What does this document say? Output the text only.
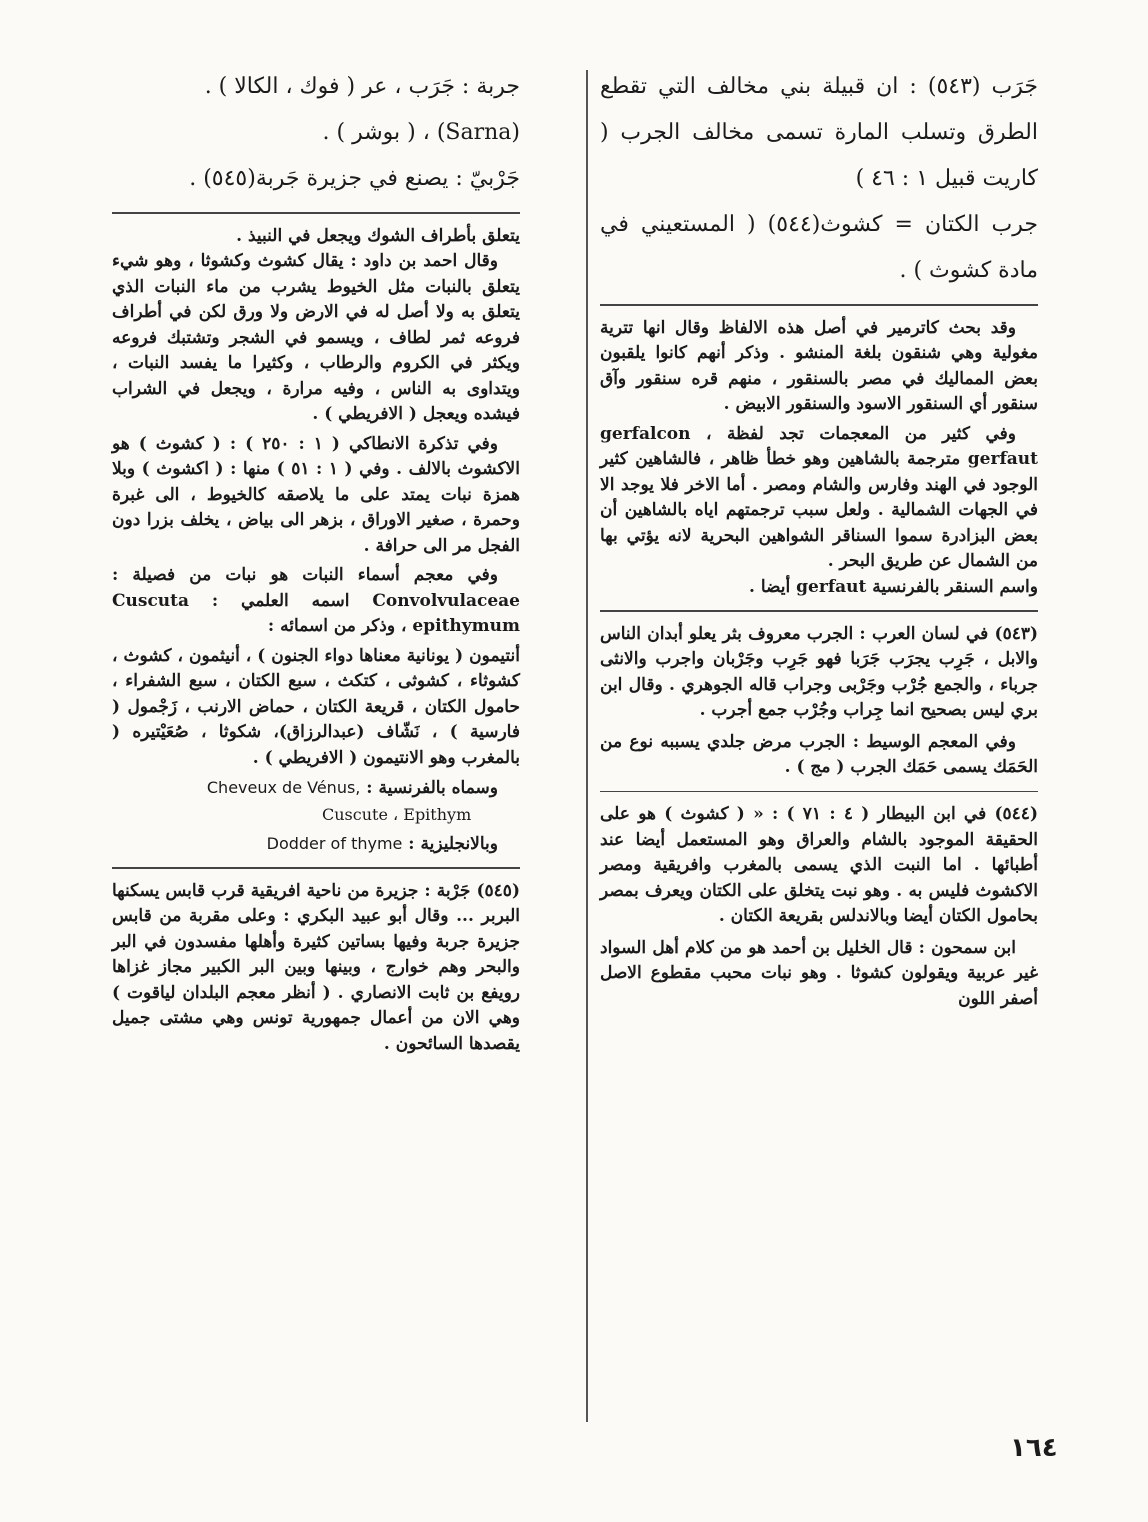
جَرَب (٥٤٣) : ان قبيلة بني مخالف التي تقطع الطرق وتسلب المارة تسمى مخالف الجرب ( كاريت قبيل ١ : ٤٦ )

جرب الكتان = كشوث(٥٤٤) ( المستعيني في مادة كشوث ) .

وقد بحث كاترمير في أصل هذه الالفاظ وقال انها تترية مغولية وهي شنقون بلغة المنشو . وذكر أنهم كانوا يلقبون بعض المماليك في مصر بالسنقور ، منهم قره سنقور وآق سنقور أي السنقور الاسود والسنقور الابيض .

وفي كثير من المعجمات تجد لفظة gerfalcon ، gerfaut مترجمة بالشاهين وهو خطأ ظاهر ، فالشاهين كثير الوجود في الهند وفارس والشام ومصر . أما الاخر فلا يوجد الا في الجهات الشمالية . ولعل سبب ترجمتهم اياه بالشاهين أن بعض البزادرة سموا السناقر الشواهين البحرية لانه يؤتي بها من الشمال عن طريق البحر .

واسم السنقر بالفرنسية gerfaut أيضا .

(٥٤٣) في لسان العرب : الجرب معروف بثر يعلو أبدان الناس والابل ، جَرِب يجرَب جَرَبا فهو جَرِب وجَرْبان واجرب والانثى جرباء ، والجمع جُرْب وجَرْبى وجراب قاله الجوهري . وقال ابن بري ليس بصحيح انما جِراب وجُرْب جمع أجرب .

وفي المعجم الوسيط : الجرب مرض جلدي يسببه نوع من الحَمَك يسمى حَمَك الجرب ( مج ) .

(٥٤٤) في ابن البيطار ( ٤ : ٧١ ) : « ( كشوث ) هو على الحقيقة الموجود بالشام والعراق وهو المستعمل أيضا عند أطبائها . اما النبت الذي يسمى بالمغرب وافريقية ومصر الاكشوث فليس به . وهو نبت يتخلق على الكتان ويعرف بمصر بحامول الكتان أيضا وبالاندلس بقريعة الكتان .

ابن سمحون : قال الخليل بن أحمد هو من كلام أهل السواد غير عربية ويقولون كشوثا . وهو نبات محبب مقطوع الاصل أصفر اللون

جربة : جَرَب ، عر ( فوك ، الكالا ) .

(Sarna) ، ( بوشر ) .

جَرْبيّ : يصنع في جزيرة جَربة(٥٤٥) .

يتعلق بأطراف الشوك ويجعل في النبيذ .

وقال احمد بن داود : يقال كشوث وكشوثا ، وهو شيء يتعلق بالنبات مثل الخيوط يشرب من ماء النبات الذي يتعلق به ولا أصل له في الارض ولا ورق لكن في أطراف فروعه ثمر لطاف ، ويسمو في الشجر وتشتبك فروعه ويكثر في الكروم والرطاب ، وكثيرا ما يفسد النبات ، ويتداوى به الناس ، وفيه مرارة ، ويجعل في الشراب فيشده ويعجل ( الافريطي ) .

وفي تذكرة الانطاكي ( ١ : ٢٥٠ ) : ( كشوث ) هو الاكشوث بالالف . وفي ( ١ : ٥١ ) منها : ( اكشوث ) وبلا همزة نبات يمتد على ما يلاصقه كالخيوط ، الى غبرة وحمرة ، صغير الاوراق ، بزهر الى بياض ، يخلف بزرا دون الفجل مر الى حرافة .

وفي معجم أسماء النبات هو نبات من فصيلة : Convolvulaceae اسمه العلمي : Cuscuta epithymum ، وذكر من اسمائه :

أنتيمون ( يونانية معناها دواء الجنون ) ، أنيثمون ، كشوث ، كشوثاء ، كشوثى ، كتكث ، سبع الكتان ، سبع الشفراء ، حامول الكتان ، قريعة الكتان ، حماض الارنب ، زَجْمول ( فارسية ) ، نَشّاف (عبدالرزاق)، شكوثا ، صُعَيْتيره ( بالمغرب وهو الانتيمون ( الافريطي ) .

وسماه بالفرنسية : Cheveux de Vénus,

Cuscute ، Epithym

وبالانجليزية : Dodder of thyme

(٥٤٥) جَرْبة : جزيرة من ناحية افريقية قرب قابس يسكنها البربر ... وقال أبو عبيد البكري : وعلى مقربة من قابس جزيرة جربة وفيها بساتين كثيرة وأهلها مفسدون في البر والبحر وهم خوارج ، وبينها وبين البر الكبير مجاز غزاها رويفع بن ثابت الانصاري . ( أنظر معجم البلدان لياقوت ) وهي الان من أعمال جمهورية تونس وهي مشتى جميل يقصدها السائحون .

١٦٤
